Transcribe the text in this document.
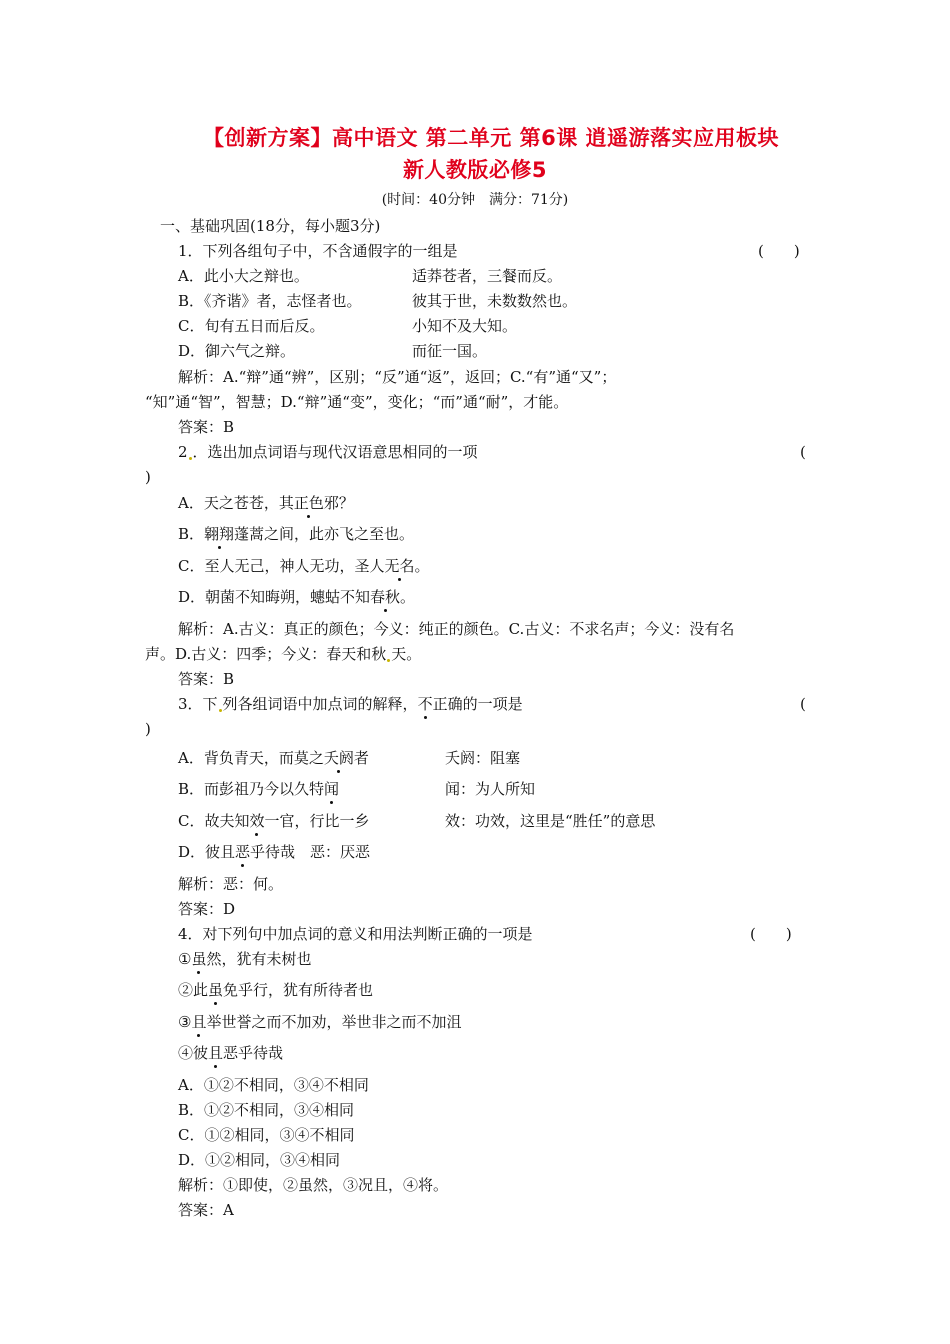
【创新方案】高中语文 第二单元 第6课 逍遥游落实应用板块
新人教版必修5
(时间：40分钟　满分：71分)
一、基础巩固(18分，每小题3分)
1．下列各组句子中，不含通假字的一组是	(　　)
A．此小大之辩也。	适莽苍者，三餐而反。
B．《齐谐》者，志怪者也。	彼其于世，未数数然也。
C．旬有五日而后反。	小知不及大知。
D．御六气之辩。	而征一国。
解析：A.“辩”通“辨”，区别；“反”通“返”，返回；C.“有”通“又”；
“知”通“智”，智慧；D.“辩”通“变”，变化；“而”通“耐”，才能。
答案：B
2 ．选出加点词语与现代汉语意思相同的一项	(
)
A．天之苍苍，其正色邪？
B．翱翔蓬蒿之间，此亦飞之至也。
C．至人无己，神人无功，圣人无名。
D．朝菌不知晦朔，蟪蛄不知春秋。
解析：A.古义：真正的颜色；今义：纯正的颜色。C.古义：不求名声；今义：没有名
声。D.古义：四季；今义：春天和秋 天。
答案：B
3．下 列各组词语中加点词的解释，不正确的一项是	(
)
A．背负青天，而莫之夭阏者	夭阏：阻塞
B．而彭祖乃今以久特闻	闻：为人所知
C．故夫知效一官，行比一乡	效：功效，这里是“胜任”的意思
D．彼且恶乎待哉　恶：厌恶
解析：恶：何。
答案：D
4．对下列句中加点词的意义和用法判断正确的一项是	(　　)
①虽然，犹有未树也
②此虽免乎行，犹有所待者也
③且举世誉之而不加劝，举世非之而不加沮
④彼且恶乎待哉
A．①②不相同，③④不相同
B．①②不相同，③④相同
C．①②相同，③④不相同
D．①②相同，③④相同
解析：①即使，②虽然，③况且，④将。
答案：A
